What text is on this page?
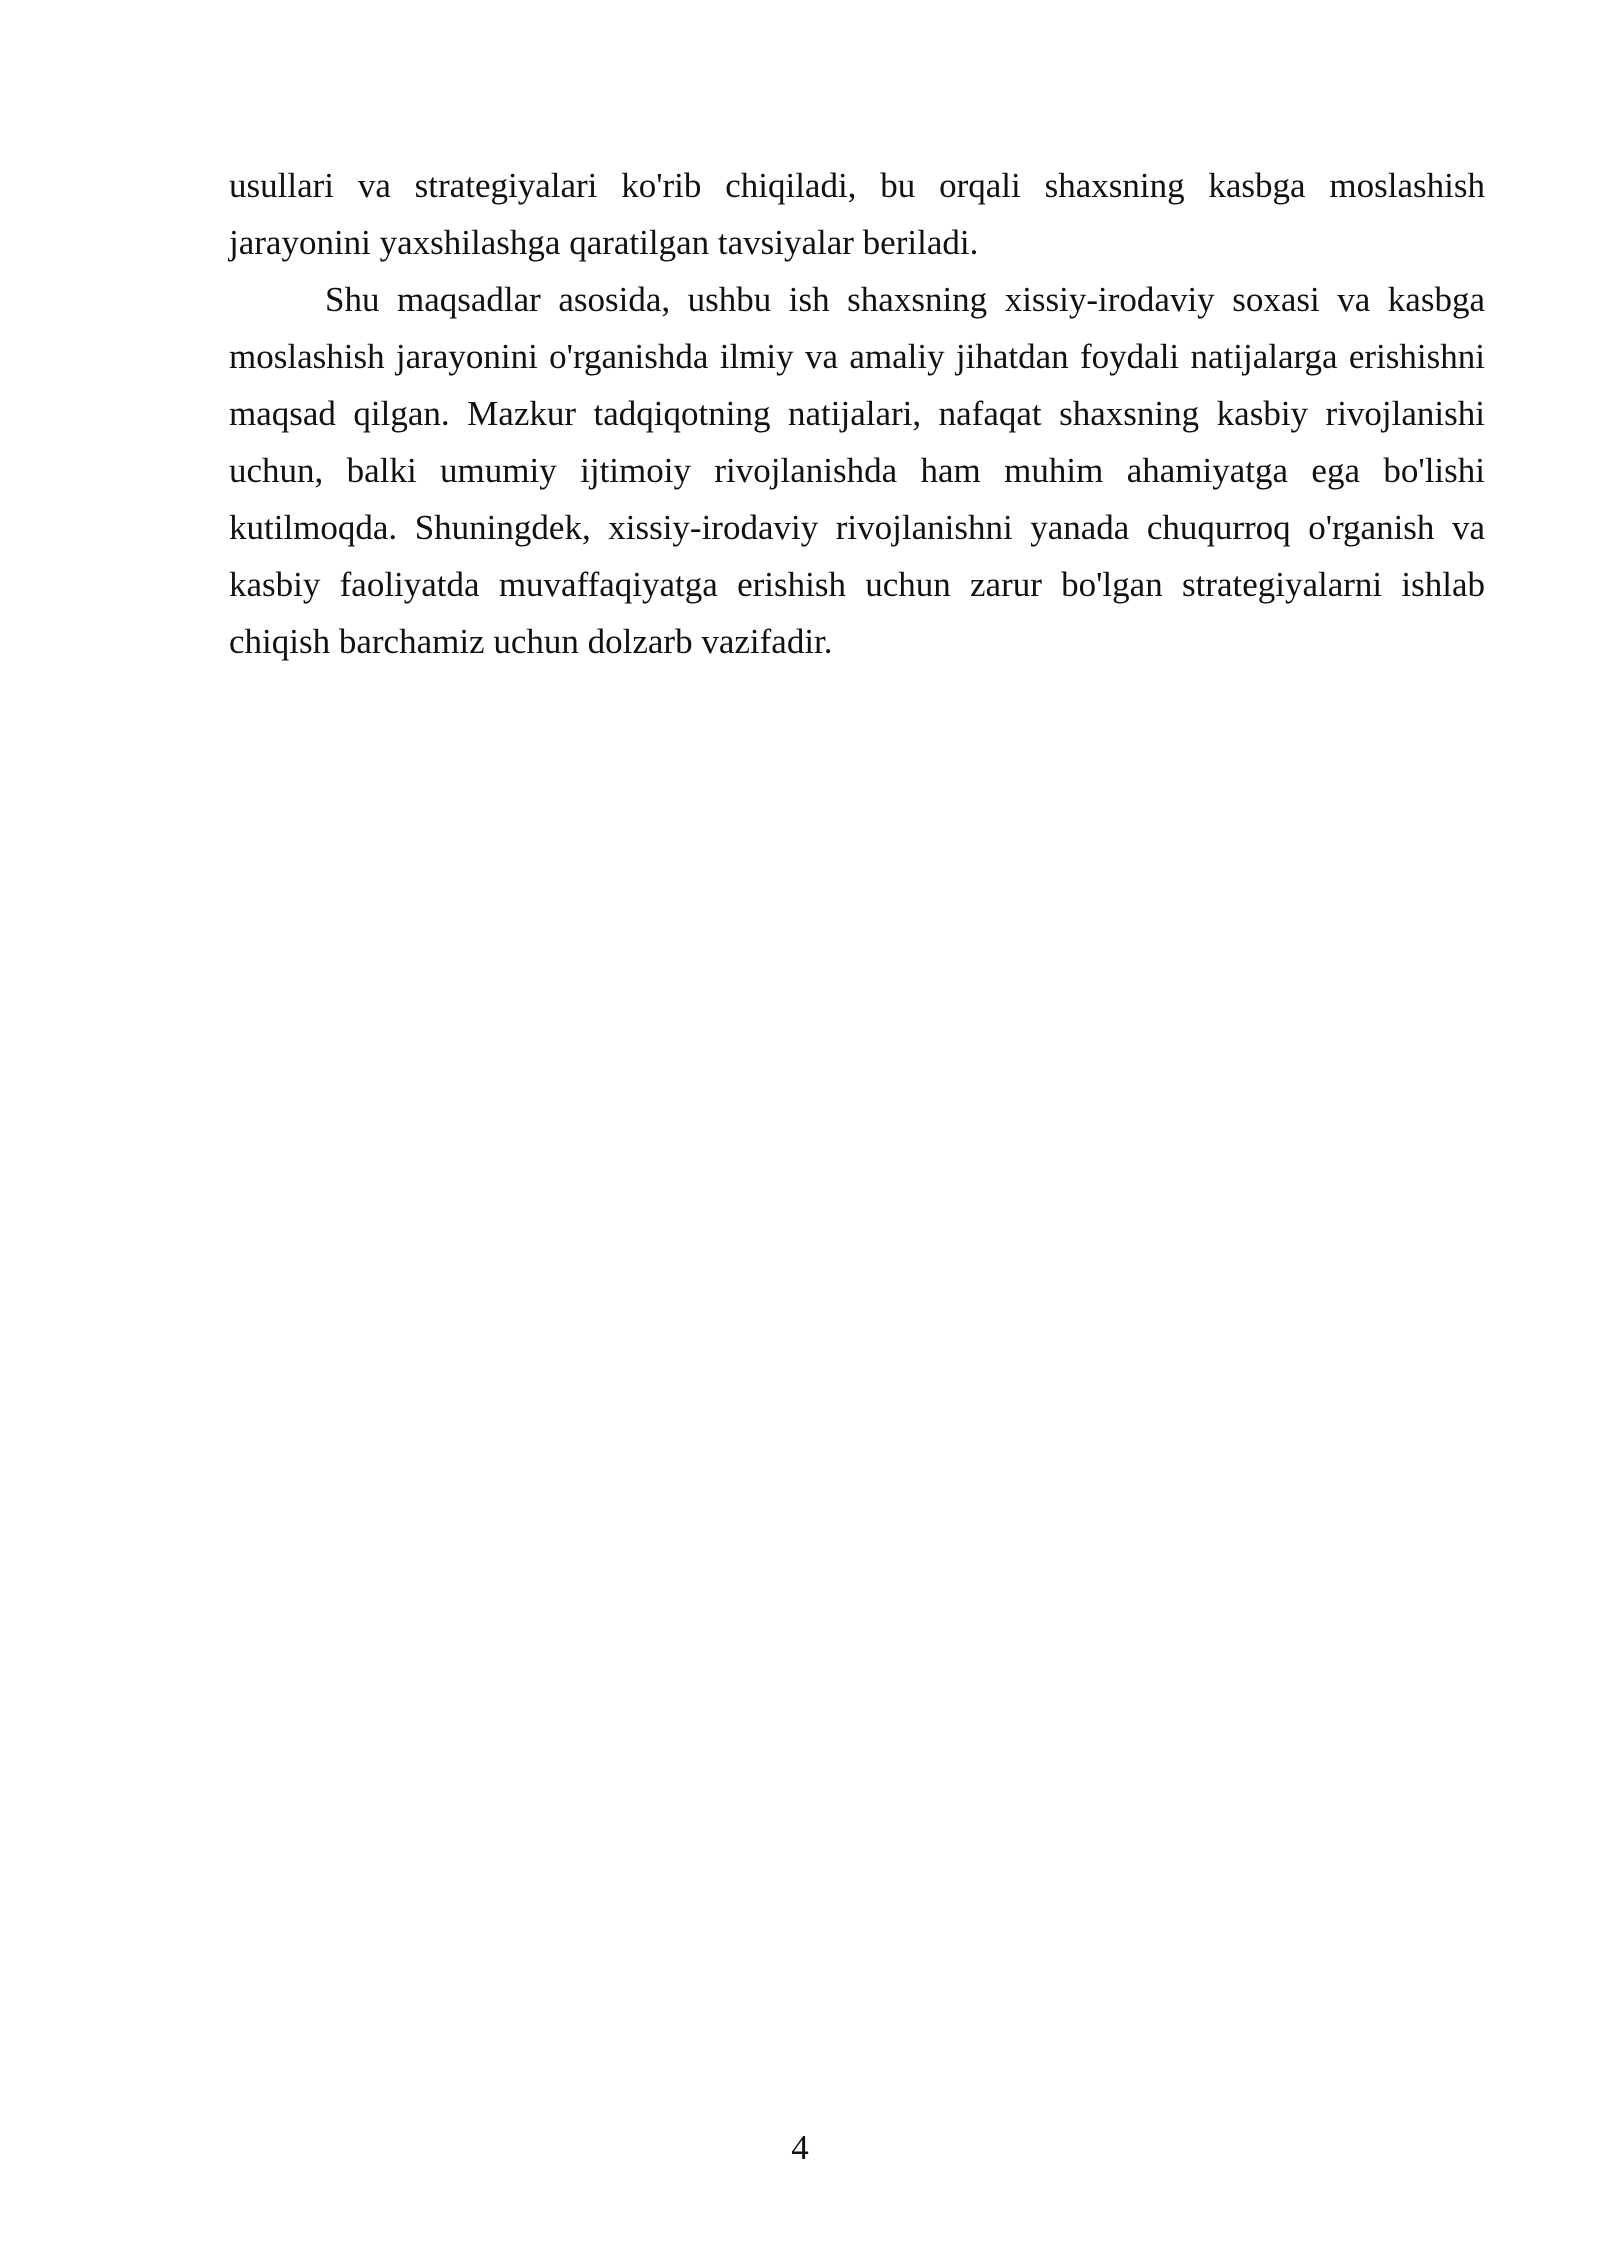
usullari va strategiyalari ko'rib chiqiladi, bu orqali shaxsning kasbga moslashish jarayonini yaxshilashga qaratilgan tavsiyalar beriladi.

Shu maqsadlar asosida, ushbu ish shaxsning xissiy-irodaviy soxasi va kasbga moslashish jarayonini o'rganishda ilmiy va amaliy jihatdan foydali natijalarga erishishni maqsad qilgan. Mazkur tadqiqotning natijalari, nafaqat shaxsning kasbiy rivojlanishi uchun, balki umumiy ijtimoiy rivojlanishda ham muhim ahamiyatga ega bo'lishi kutilmoqda. Shuningdek, xissiy-irodaviy rivojlanishni yanada chuqurroq o'rganish va kasbiy faoliyatda muvaffaqiyatga erishish uchun zarur bo'lgan strategiyalarni ishlab chiqish barchamiz uchun dolzarb vazifadir.

4
